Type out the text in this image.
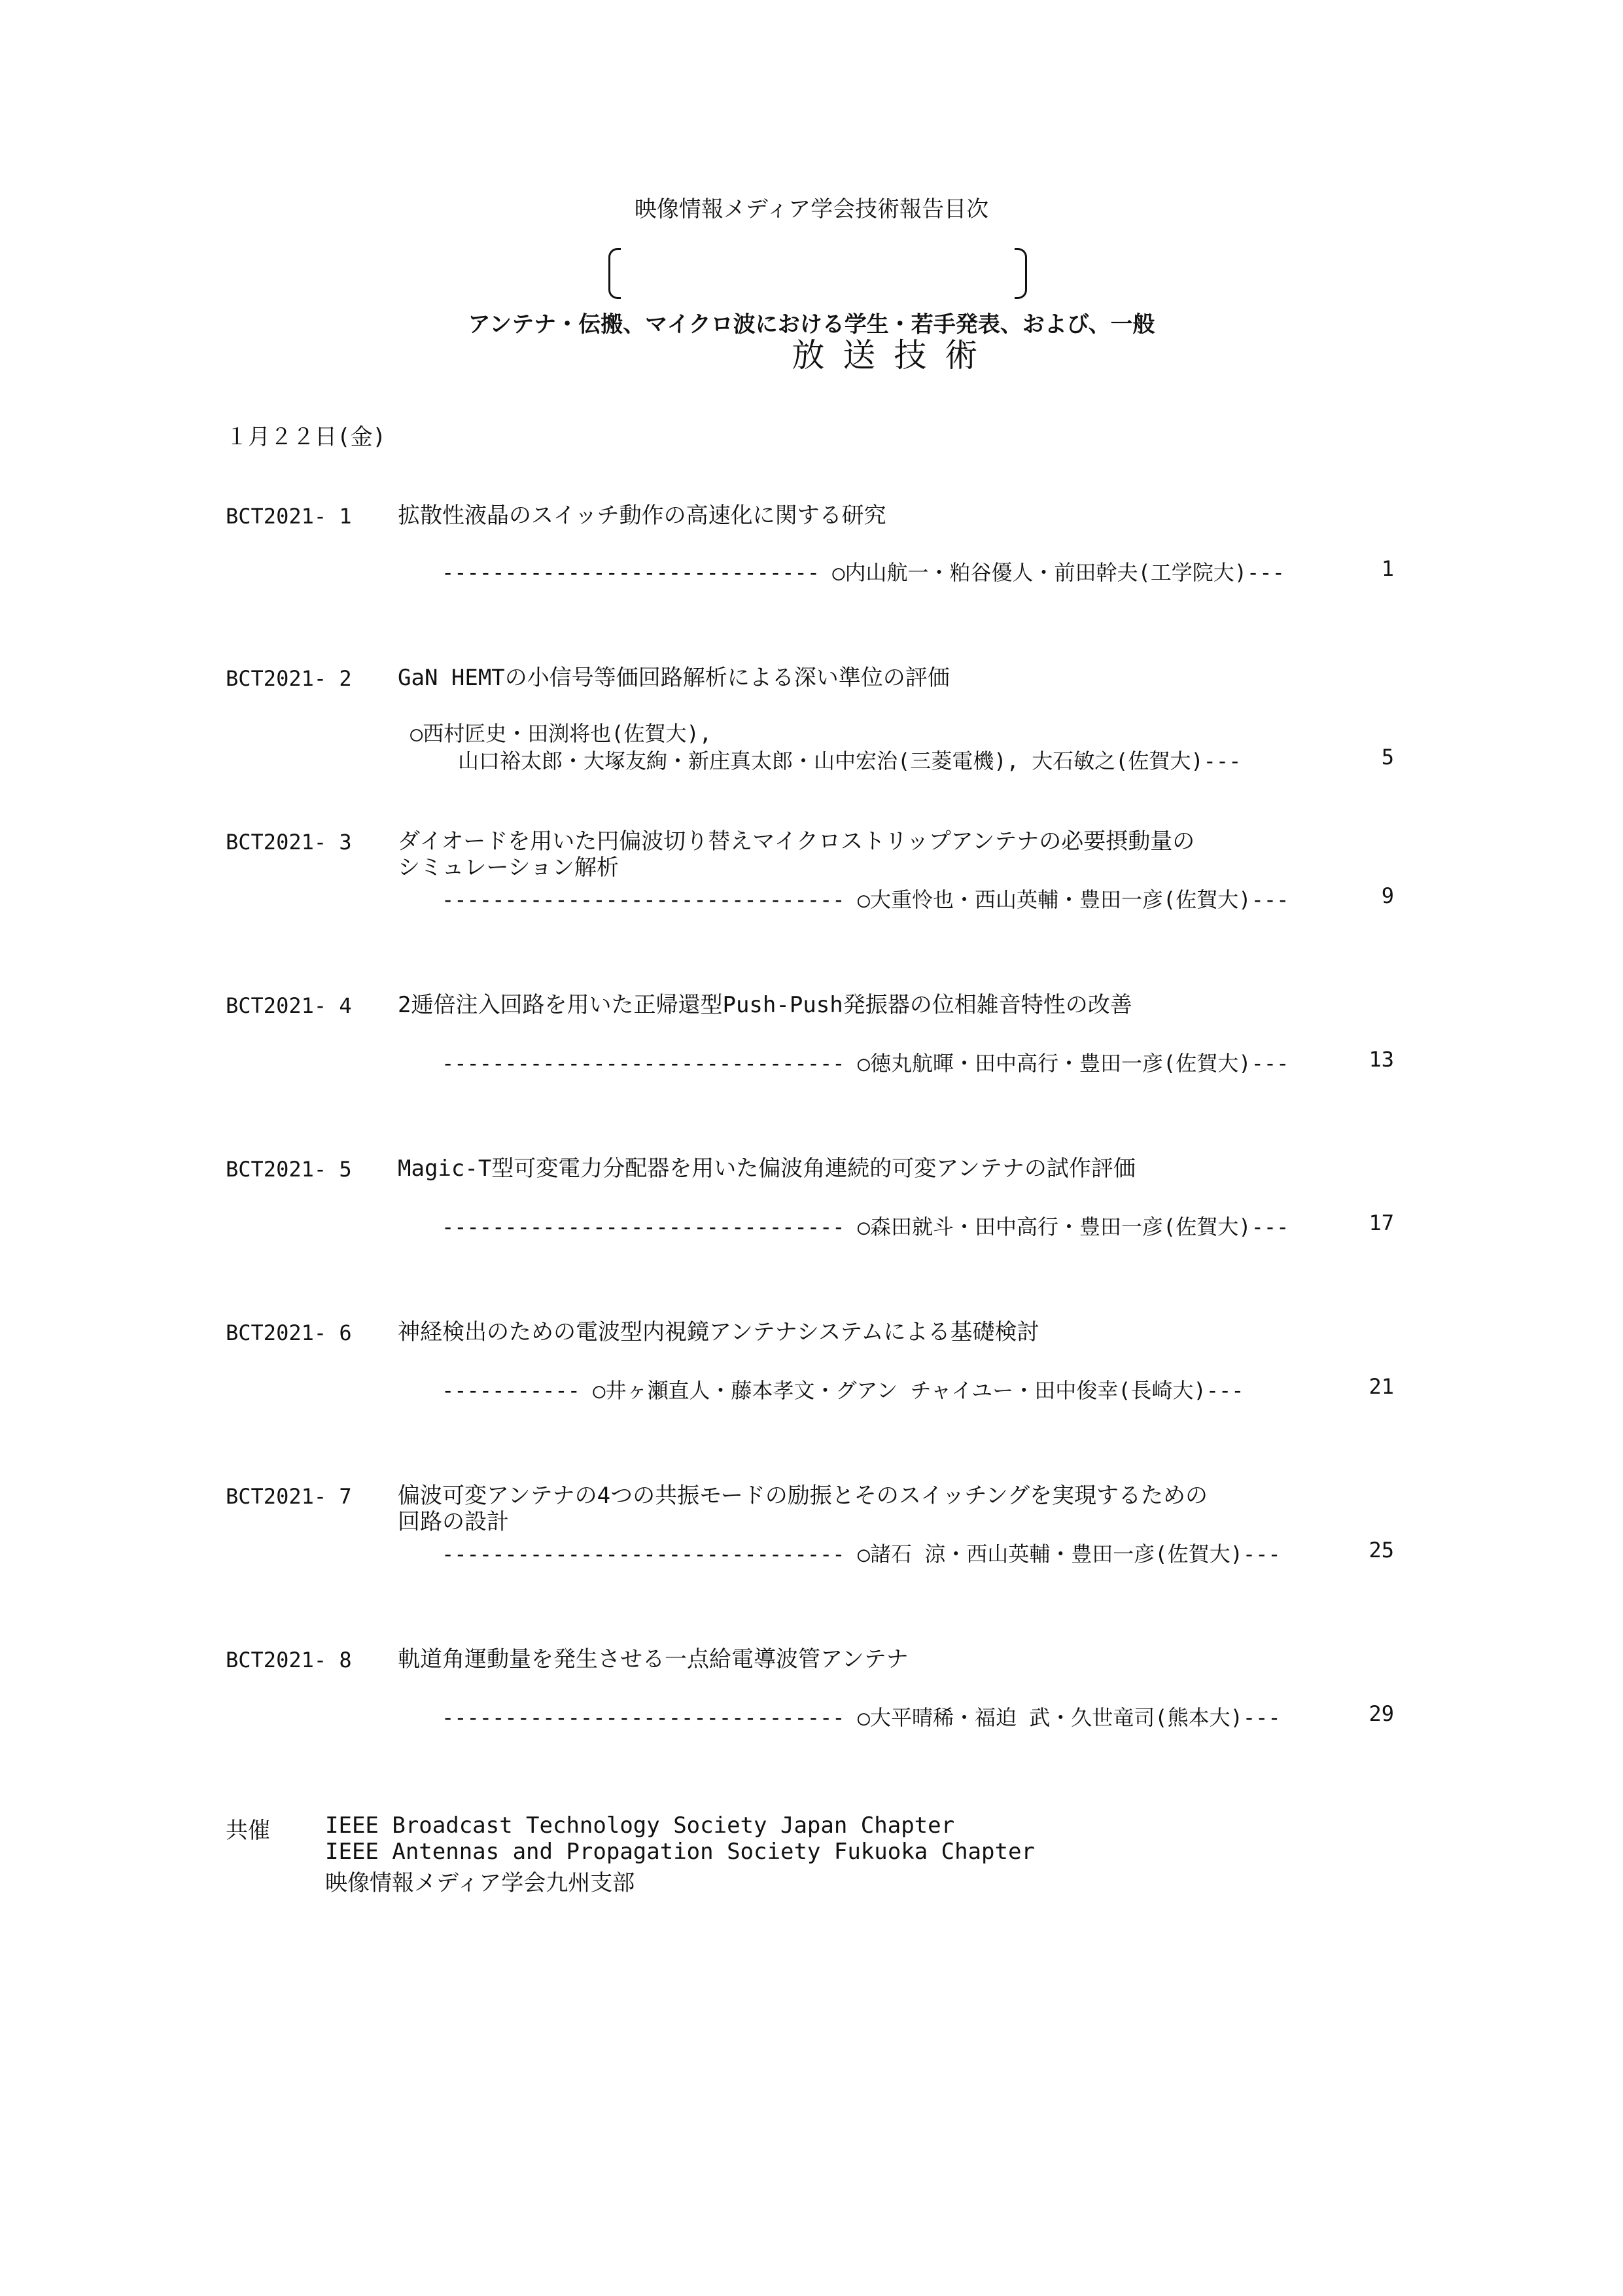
映像情報メディア学会技術報告目次

放送技術

アンテナ・伝搬、マイクロ波における学生・若手発表、および、一般
１月２２日(金)
BCT2021- 1 拡散性液晶のスイッチ動作の高速化に関する研究
------------------------------ ○内山航一・粕谷優人・前田幹夫(工学院大)---	1
BCT2021- 2 GaN HEMTの小信号等価回路解析による深い準位の評価
○西村匠史・田渕将也(佐賀大),
山口裕太郎・大塚友絢・新庄真太郎・山中宏治(三菱電機), 大石敏之(佐賀大)---	5
BCT2021- 3 ダイオードを用いた円偏波切り替えマイクロストリップアンテナの必要摂動量の
シミュレーション解析
-------------------------------- ○大重怜也・西山英輔・豊田一彦(佐賀大)---	9
BCT2021- 4 2逓倍注入回路を用いた正帰還型Push-Push発振器の位相雑音特性の改善
-------------------------------- ○徳丸航暉・田中高行・豊田一彦(佐賀大)---	13
BCT2021- 5 Magic-T型可変電力分配器を用いた偏波角連続的可変アンテナの試作評価
-------------------------------- ○森田就斗・田中高行・豊田一彦(佐賀大)---	17
BCT2021- 6 神経検出のための電波型内視鏡アンテナシステムによる基礎検討
----------- ○井ヶ瀬直人・藤本孝文・グアン チャイユー・田中俊幸(長崎大)---	21
BCT2021- 7 偏波可変アンテナの4つの共振モードの励振とそのスイッチングを実現するための
回路の設計
-------------------------------- ○諸石 涼・西山英輔・豊田一彦(佐賀大)---	25
BCT2021- 8 軌道角運動量を発生させる一点給電導波管アンテナ
-------------------------------- ○大平晴稀・福迫 武・久世竜司(熊本大)---	29
共催 IEEE Broadcast Technology Society Japan Chapter
IEEE Antennas and Propagation Society Fukuoka Chapter
映像情報メディア学会九州支部
